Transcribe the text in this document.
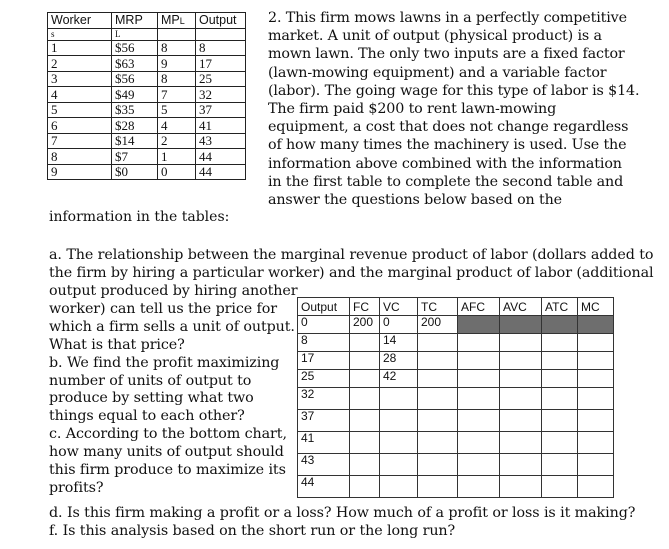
Worker	MRP	MPL	Output
s	L		
1	$56	8	8
2	$63	9	17
3	$56	8	25
4	$49	7	32
5	$35	5	37
6	$28	4	41
7	$14	2	43
8	$7	1	44
9	$0	0	44
information in the tables:
2. This firm mows lawns in a perfectly competitive
market. A unit of output (physical product) is a
mown lawn. The only two inputs are a fixed factor
(lawn-mowing equipment) and a variable factor
(labor). The going wage for this type of labor is $14.
The firm paid $200 to rent lawn-mowing
equipment, a cost that does not change regardless
of how many times the machinery is used. Use the
information above combined with the information
in the first table to complete the second table and
answer the questions below based on the
a. The relationship between the marginal revenue product of labor (dollars added to
the firm by hiring a particular worker) and the marginal product of labor (additional
output produced by hiring another
worker) can tell us the price for
which a firm sells a unit of output.
What is that price?
b. We find the profit maximizing
number of units of output to
produce by setting what two
things equal to each other?
c. According to the bottom chart,
how many units of output should
this firm produce to maximize its
profits?
d. Is this firm making a profit or a loss? How much of a profit or loss is it making?
f. Is this analysis based on the short run or the long run?
Output	FC	VC	TC	AFC	AVC	ATC	MC
0	200	0	200				
8		14					
17		28					
25		42					
32							
37							
41							
43							
44							
